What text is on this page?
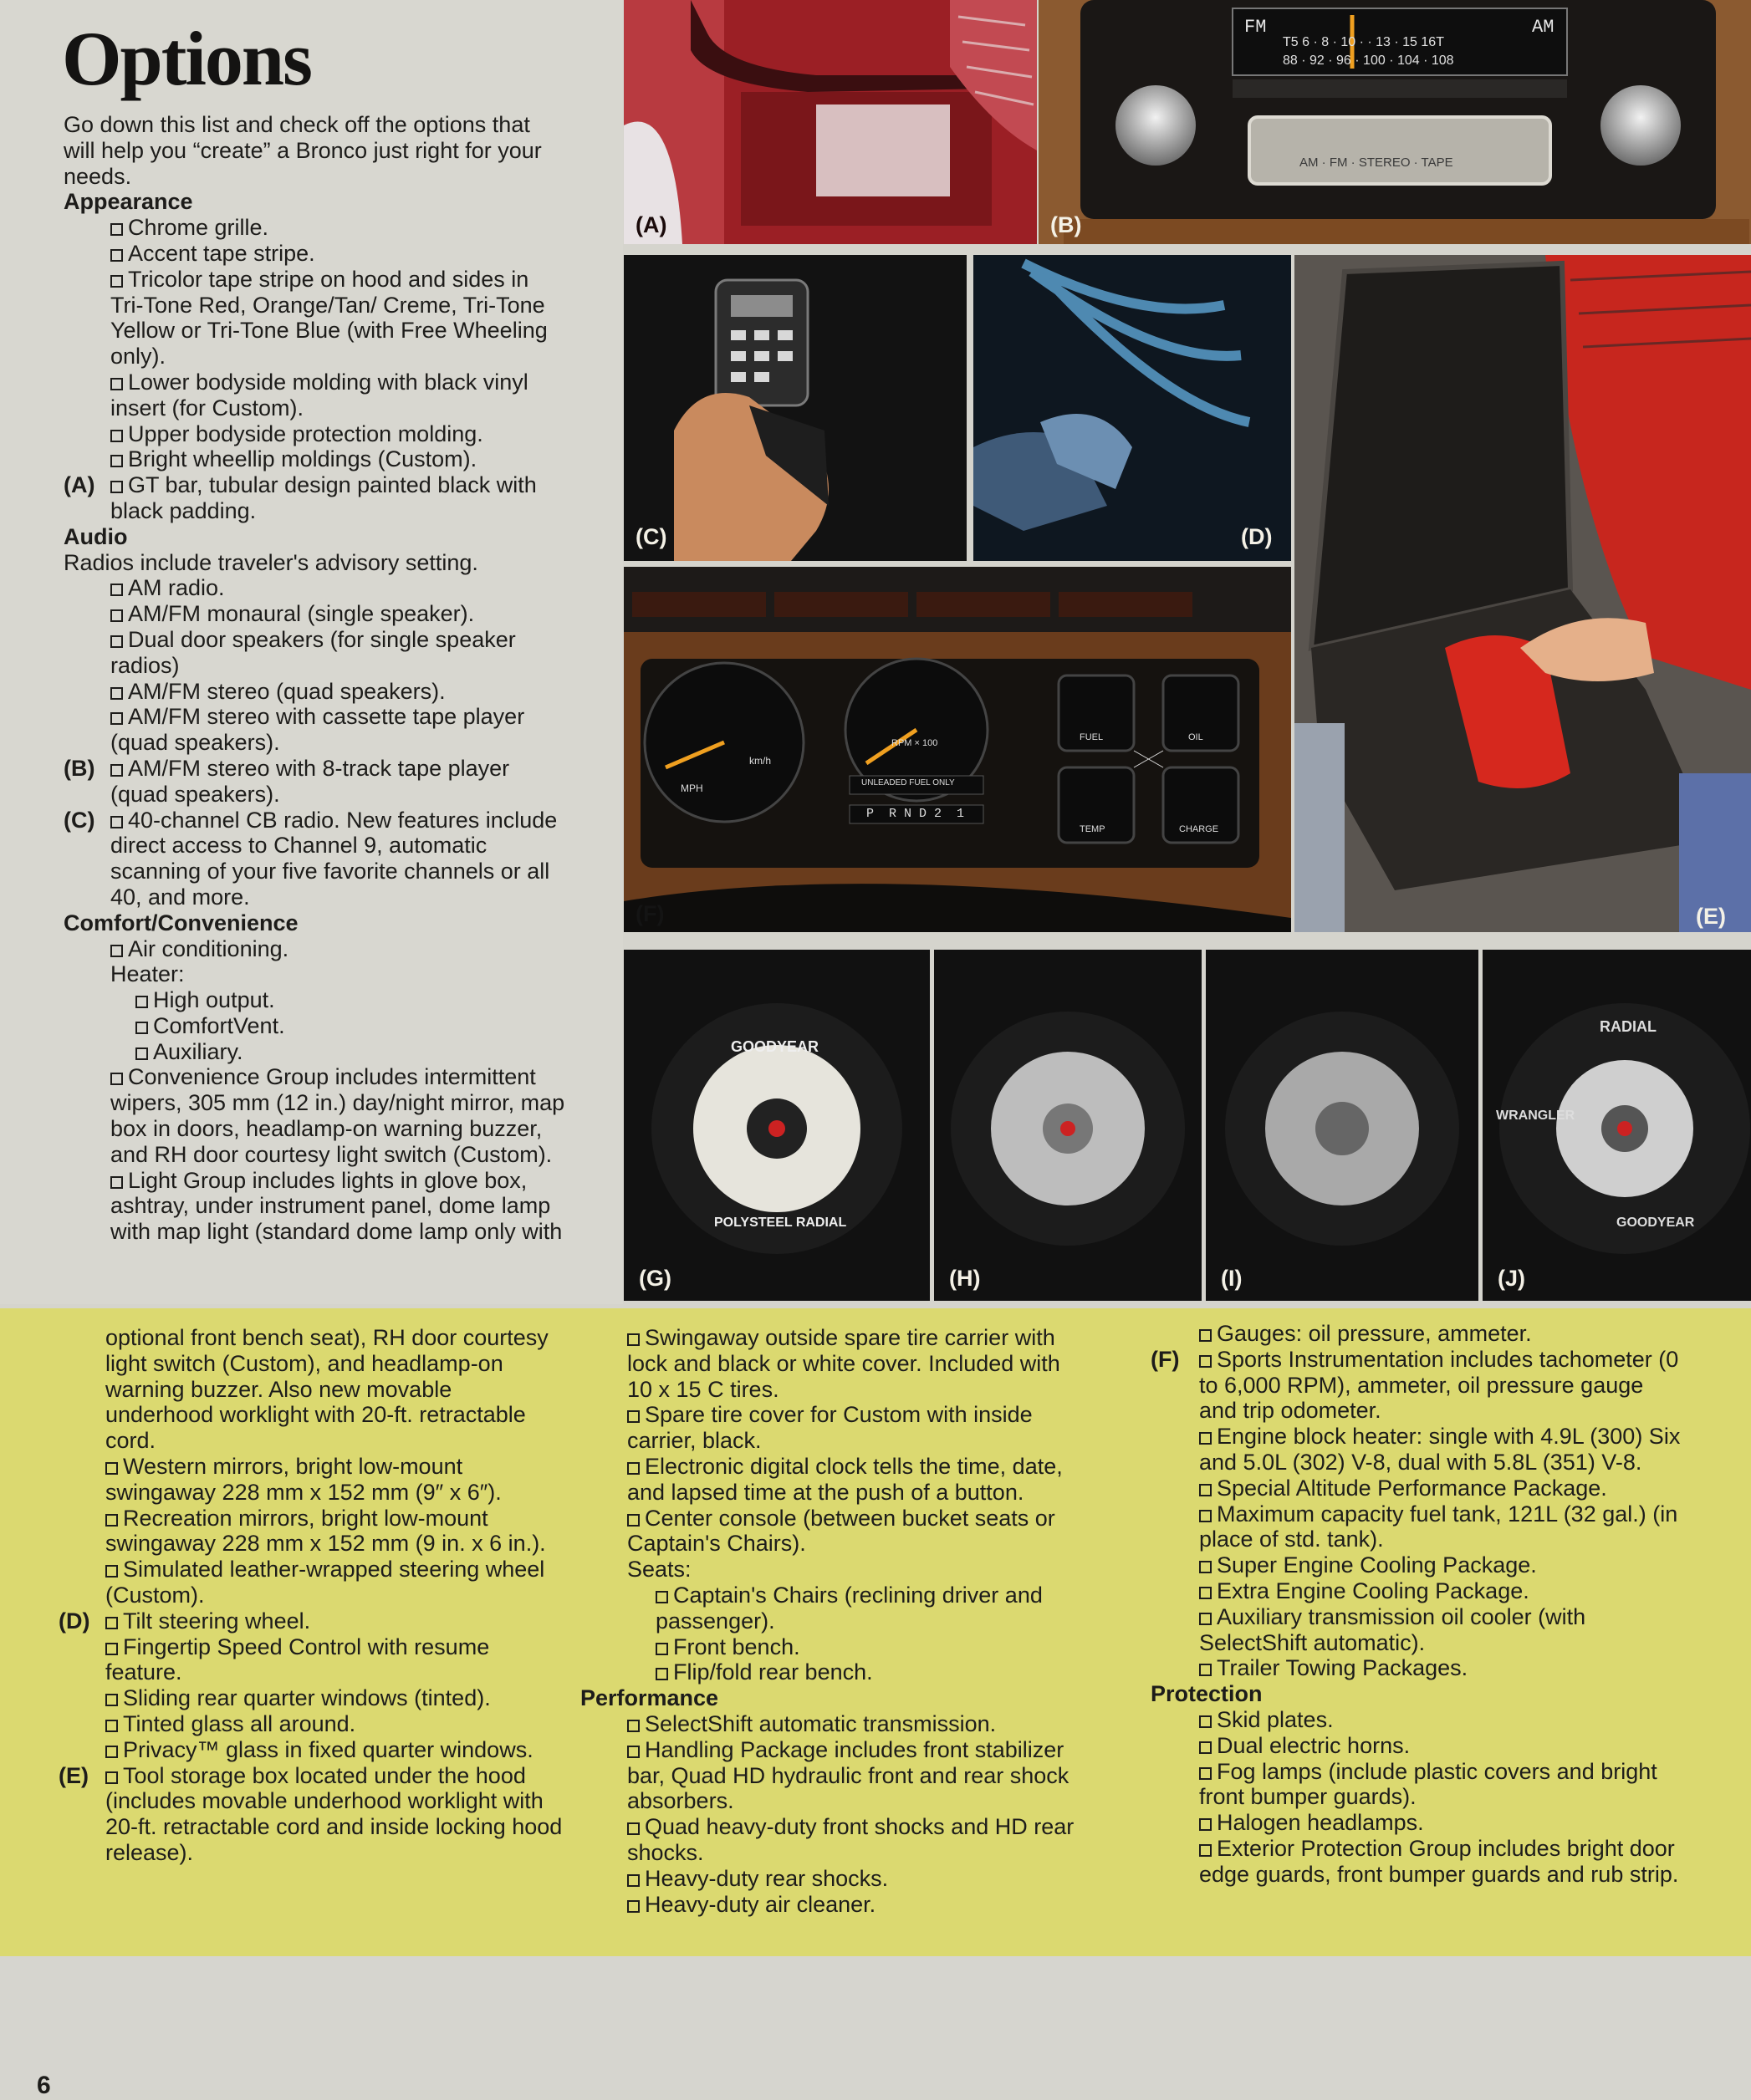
Options

Go down this list and check off the options that will help you “create” a Bronco just right for your needs.

Appearance

Chrome grille.

Accent tape stripe.

Tricolor tape stripe on hood and sides in Tri-Tone Red, Orange/Tan/ Creme, Tri-Tone Yellow or Tri-Tone Blue (with Free Wheeling only).

Lower bodyside molding with black vinyl insert (for Custom).

Upper bodyside protection molding.

Bright wheellip moldings (Custom).

(A) GT bar, tubular design painted black with black padding.

Audio

Radios include traveler's advisory setting.

AM radio.

AM/FM monaural (single speaker).

Dual door speakers (for single speaker radios)

AM/FM stereo (quad speakers).

AM/FM stereo with cassette tape player (quad speakers).

(B) AM/FM stereo with 8-track tape player (quad speakers).

(C) 40-channel CB radio. New features include direct access to Channel 9, automatic scanning of your five favorite channels or all 40, and more.

Comfort/Convenience

Air conditioning.

Heater:

High output.

ComfortVent.

Auxiliary.

Convenience Group includes intermittent wipers, 305 mm (12 in.) day/night mirror, map box in doors, headlamp-on warning buzzer, and RH door courtesy light switch (Custom).

Light Group includes lights in glove box, ashtray, under instrument panel, dome lamp with map light (standard dome lamp only with

optional front bench seat), RH door courtesy light switch (Custom), and headlamp-on warning buzzer. Also new movable underhood worklight with 20-ft. retractable cord.

Western mirrors, bright low-mount swingaway 228 mm x 152 mm (9″ x 6″).

Recreation mirrors, bright low-mount swingaway 228 mm x 152 mm (9 in. x 6 in.).

Simulated leather-wrapped steering wheel (Custom).

(D) Tilt steering wheel.

Fingertip Speed Control with resume feature.

Sliding rear quarter windows (tinted).

Tinted glass all around.

Privacy™ glass in fixed quarter windows.

(E) Tool storage box located under the hood (includes movable underhood worklight with 20-ft. retractable cord and inside locking hood release).

Swingaway outside spare tire carrier with lock and black or white cover. Included with 10 x 15 C tires.

Spare tire cover for Custom with inside carrier, black.

Electronic digital clock tells the time, date, and lapsed time at the push of a button.

Center console (between bucket seats or Captain's Chairs).

Seats:

Captain's Chairs (reclining driver and passenger).

Front bench.

Flip/fold rear bench.

Performance

SelectShift automatic transmission.

Handling Package includes front stabilizer bar, Quad HD hydraulic front and rear shock absorbers.

Quad heavy-duty front shocks and HD rear shocks.

Heavy-duty rear shocks.

Heavy-duty air cleaner.

Gauges: oil pressure, ammeter.

(F) Sports Instrumentation includes tachometer (0 to 6,000 RPM), ammeter, oil pressure gauge and trip odometer.

Engine block heater: single with 4.9L (300) Six and 5.0L (302) V-8, dual with 5.8L (351) V-8.

Special Altitude Performance Package.

Maximum capacity fuel tank, 121L (32 gal.) (in place of std. tank).

Super Engine Cooling Package.

Extra Engine Cooling Package.

Auxiliary transmission oil cooler (with SelectShift automatic).

Trailer Towing Packages.

Protection

Skid plates.

Dual electric horns.

Fog lamps (include plastic covers and bright front bumper guards).

Halogen headlamps.

Exterior Protection Group includes bright door edge guards, front bumper guards and rub strip.

(A)
FM	AM
T5 6 · 8 · 10 · · 13 · 15 16T
88 · 92 · 96 · 100 · 104 · 108
AM · FM · STEREO · TAPE
(B)
(C)	(D)
(E)
MPH
km/h
RPM × 100
UNLEADED FUEL ONLY
P  R N D 2  1
FUEL	OIL
TEMP	CHARGE
(F)
GOODYEAR
POLYSTEEL RADIAL
(G)	(H)	(I)
RADIAL
WRANGLER
GOODYEAR
(J)
6
